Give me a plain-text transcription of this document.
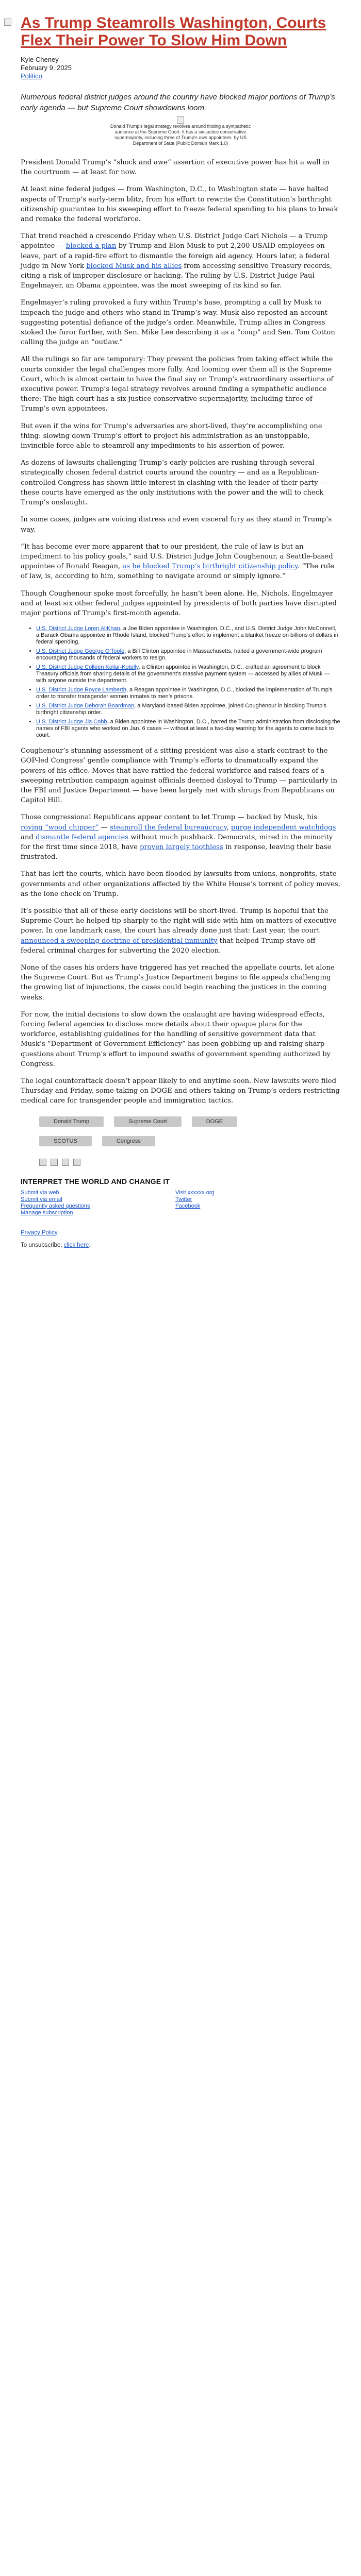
As Trump Steamrolls Washington, Courts Flex Their Power To Slow Him Down
Kyle Cheney
February 9, 2025
Politico
Numerous federal district judges around the country have blocked major portions of Trump’s early agenda — but Supreme Court showdowns loom.

Donald Trump's legal strategy revolves around finding a sympathetic audience at the Supreme Court. It has a six-justice conservative supermajority, including three of Trump's own appointees. by US Department of State (Public Domain Mark 1.0)

President Donald Trump’s “shock and awe” assertion of executive power has hit a wall in the courtroom — at least for now.

At least nine federal judges — from Washington, D.C., to Washington state — have halted aspects of Trump’s early-term blitz, from his effort to rewrite the Constitution’s birthright citizenship guarantee to his sweeping effort to freeze federal spending to his plans to break and remake the federal workforce.

That trend reached a crescendo Friday when U.S. District Judge Carl Nichols — a Trump appointee — blocked a plan by Trump and Elon Musk to put 2,200 USAID employees on leave, part of a rapid-fire effort to dismantle the foreign aid agency. Hours later, a federal judge in New York blocked Musk and his allies from accessing sensitive Treasury records, citing a risk of improper disclosure or hacking. The ruling by U.S. District Judge Paul Engelmayer, an Obama appointee, was the most sweeping of its kind so far.

Engelmayer’s ruling provoked a fury within Trump’s base, prompting a call by Musk to impeach the judge and others who stand in Trump’s way. Musk also reposted an account suggesting potential defiance of the judge’s order. Meanwhile, Trump allies in Congress stoked the furor further, with Sen. Mike Lee describing it as a “coup” and Sen. Tom Cotton calling the judge an “outlaw.”

All the rulings so far are temporary: They prevent the policies from taking effect while the courts consider the legal challenges more fully. And looming over them all is the Supreme Court, which is almost certain to have the final say on Trump’s extraordinary assertions of executive power. Trump’s legal strategy revolves around finding a sympathetic audience there: The high court has a six-justice conservative supermajority, including three of Trump’s own appointees.

But even if the wins for Trump’s adversaries are short-lived, they’re accomplishing one thing: slowing down Trump’s effort to project his administration as an unstoppable, invincible force able to steamroll any impediments to his assertion of power.

As dozens of lawsuits challenging Trump’s early policies are rushing through several strategically chosen federal district courts around the country — and as a Republican-controlled Congress has shown little interest in clashing with the leader of their party — these courts have emerged as the only institutions with the power and the will to check Trump’s onslaught.

In some cases, judges are voicing distress and even visceral fury as they stand in Trump’s way.

“It has become ever more apparent that to our president, the rule of law is but an impediment to his policy goals,” said U.S. District Judge John Coughenour, a Seattle-based appointee of Ronald Reagan, as he blocked Trump’s birthright citizenship policy. “The rule of law, is, according to him, something to navigate around or simply ignore.”

Though Coughenour spoke most forcefully, he hasn’t been alone. He, Nichols, Engelmayer and at least six other federal judges appointed by presidents of both parties have disrupted major portions of Trump’s first-month agenda.

• U.S. District Judge Loren AliKhan, a Joe Biden appointee in Washington, D.C., and U.S. District Judge John McConnell, a Barack Obama appointee in Rhode Island, blocked Trump’s effort to implement a blanket freeze on billions of dollars in federal spending.
• U.S. District Judge George O’Toole, a Bill Clinton appointee in Massachusetts, halted a government-wide program encouraging thousands of federal workers to resign.
• U.S. District Judge Colleen Kollar-Kotelly, a Clinton appointee in Washington, D.C., crafted an agreement to block Treasury officials from sharing details of the government’s massive payment system — accessed by allies of Musk — with anyone outside the department.
• U.S. District Judge Royce Lamberth, a Reagan appointee in Washington, D.C., blocked the implementation of Trump’s order to transfer transgender women inmates to men’s prisons.
• U.S. District Judge Deborah Boardman, a Maryland-based Biden appointee, joined Coughenour in blocking Trump’s birthright citizenship order.
• U.S. District Judge Jia Cobb, a Biden appointee in Washington, D.C., barred the Trump administration from disclosing the names of FBI agents who worked on Jan. 6 cases — without at least a two-day warning for the agents to come back to court.

Coughenour’s stunning assessment of a sitting president was also a stark contrast to the GOP-led Congress’ gentle compliance with Trump’s efforts to dramatically expand the powers of his office. Moves that have rattled the federal workforce and raised fears of a sweeping retribution campaign against officials deemed disloyal to Trump — particularly in the FBI and Justice Department — have been largely met with shrugs from Republicans on Capitol Hill.

Those congressional Republicans appear content to let Trump — backed by Musk, his roving “wood chipper” — steamroll the federal bureaucracy, purge independent watchdogs and dismantle federal agencies without much pushback. Democrats, mired in the minority for the first time since 2018, have proven largely toothless in response, leaving their base frustrated.

That has left the courts, which have been flooded by lawsuits from unions, nonprofits, state governments and other organizations affected by the White House’s torrent of policy moves, as the lone check on Trump.

It’s possible that all of these early decisions will be short-lived. Trump is hopeful that the Supreme Court he helped tip sharply to the right will side with him on matters of executive power. In one landmark case, the court has already done just that: Last year, the court announced a sweeping doctrine of presidential immunity that helped Trump stave off federal criminal charges for subverting the 2020 election.

None of the cases his orders have triggered has yet reached the appellate courts, let alone the Supreme Court. But as Trump’s Justice Department begins to file appeals challenging the growing list of injunctions, the cases could begin reaching the justices in the coming weeks.

For now, the initial decisions to slow down the onslaught are having widespread effects, forcing federal agencies to disclose more details about their opaque plans for the workforce, establishing guidelines for the handling of sensitive government data that Musk’s “Department of Government Efficiency” has been gobbling up and raising sharp questions about Trump’s effort to impound swaths of government spending authorized by Congress.

The legal counterattack doesn’t appear likely to end anytime soon. New lawsuits were filed Thursday and Friday, some taking on DOGE and others taking on Trump’s orders restricting medical care for transgender people and immigration tactics.

Donald Trump	Supreme Court	DOGE
SCOTUS	Congress
INTERPRET THE WORLD AND CHANGE IT
Submit via web
Submit via email
Frequently asked questions
Manage subscription
Visit xxxxxx.org
Twitter
Facebook

Privacy Policy

To unsubscribe, click here.
